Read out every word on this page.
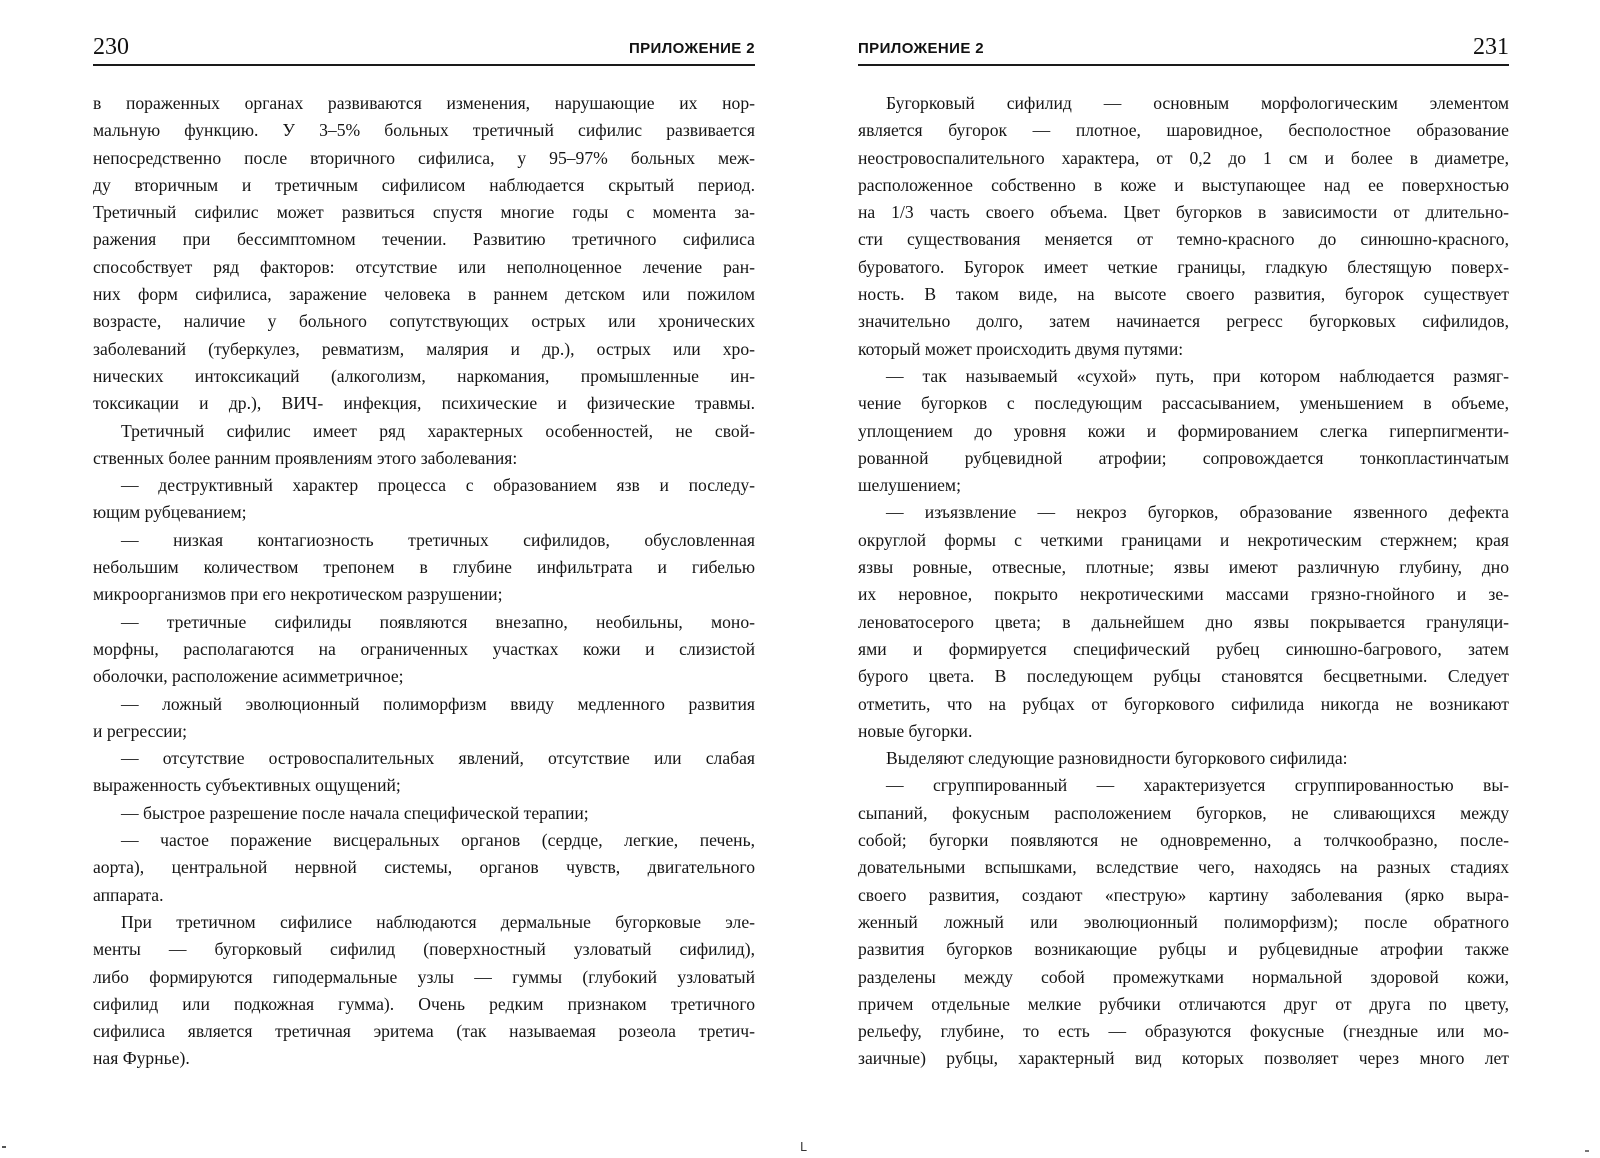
230	ПРИЛОЖЕНИЕ 2
в пораженных органах развиваются изменения, нарушающие их нор-
мальную функцию. У 3–5% больных третичный сифилис развивается
непосредственно после вторичного сифилиса, у 95–97% больных меж-
ду вторичным и третичным сифилисом наблюдается скрытый период.
Третичный сифилис может развиться спустя многие годы с момента за-
ражения при бессимптомном течении. Развитию третичного сифилиса
способствует ряд факторов: отсутствие или неполноценное лечение ран-
них форм сифилиса, заражение человека в раннем детском или пожилом
возрасте, наличие у больного сопутствующих острых или хронических
заболеваний (туберкулез, ревматизм, малярия и др.), острых или хро-
нических интоксикаций (алкоголизм, наркомания, промышленные ин-
токсикации и др.), ВИЧ- инфекция, психические и физические травмы.
Третичный сифилис имеет ряд характерных особенностей, не свой-
ственных более ранним проявлениям этого заболевания:
— деструктивный характер процесса с образованием язв и последу-
ющим рубцеванием;
— низкая контагиозность третичных сифилидов, обусловленная
небольшим количеством трепонем в глубине инфильтрата и гибелью
микроорганизмов при его некротическом разрушении;
— третичные сифилиды появляются внезапно, необильны, моно-
морфны, располагаются на ограниченных участках кожи и слизистой
оболочки, расположение асимметричное;
— ложный эволюционный полиморфизм ввиду медленного развития
и регрессии;
— отсутствие островоспалительных явлений, отсутствие или слабая
выраженность субъективных ощущений;
— быстрое разрешение после начала специфической терапии;
— частое поражение висцеральных органов (сердце, легкие, печень,
аорта), центральной нервной системы, органов чувств, двигательного
аппарата.
При третичном сифилисе наблюдаются дермальные бугорковые эле-
менты — бугорковый сифилид (поверхностный узловатый сифилид),
либо формируются гиподермальные узлы — гуммы (глубокий узловатый
сифилид или подкожная гумма). Очень редким признаком третичного
сифилиса является третичная эритема (так называемая розеола третич-
ная Фурнье).
ПРИЛОЖЕНИЕ 2	231
Бугорковый сифилид — основным морфологическим элементом
является бугорок — плотное, шаровидное, бесполостное образование
неостровоспалительного характера, от 0,2 до 1 см и более в диаметре,
расположенное собственно в коже и выступающее над ее поверхностью
на 1/3 часть своего объема. Цвет бугорков в зависимости от длительно-
сти существования меняется от темно-красного до синюшно-красного,
буроватого. Бугорок имеет четкие границы, гладкую блестящую поверх-
ность. В таком виде, на высоте своего развития, бугорок существует
значительно долго, затем начинается регресс бугорковых сифилидов,
который может происходить двумя путями:
— так называемый «сухой» путь, при котором наблюдается размяг-
чение бугорков с последующим рассасыванием, уменьшением в объеме,
уплощением до уровня кожи и формированием слегка гиперпигменти-
рованной рубцевидной атрофии; сопровождается тонкопластинчатым
шелушением;
— изъязвление — некроз бугорков, образование язвенного дефекта
округлой формы с четкими границами и некротическим стержнем; края
язвы ровные, отвесные, плотные; язвы имеют различную глубину, дно
их неровное, покрыто некротическими массами грязно-гнойного и зе-
леноватосерого цвета; в дальнейшем дно язвы покрывается грануляци-
ями и формируется специфический рубец синюшно-багрового, затем
бурого цвета. В последующем рубцы становятся бесцветными. Следует
отметить, что на рубцах от бугоркового сифилида никогда не возникают
новые бугорки.
Выделяют следующие разновидности бугоркового сифилида:
— сгруппированный — характеризуется сгруппированностью вы-
сыпаний, фокусным расположением бугорков, не сливающихся между
собой; бугорки появляются не одновременно, а толчкообразно, после-
довательными вспышками, вследствие чего, находясь на разных стадиях
своего развития, создают «пеструю» картину заболевания (ярко выра-
женный ложный или эволюционный полиморфизм); после обратного
развития бугорков возникающие рубцы и рубцевидные атрофии также
разделены между собой промежутками нормальной здоровой кожи,
причем отдельные мелкие рубчики отличаются друг от друга по цвету,
рельефу, глубине, то есть — образуются фокусные (гнездные или мо-
заичные) рубцы, характерный вид которых позволяет через много лет
L
